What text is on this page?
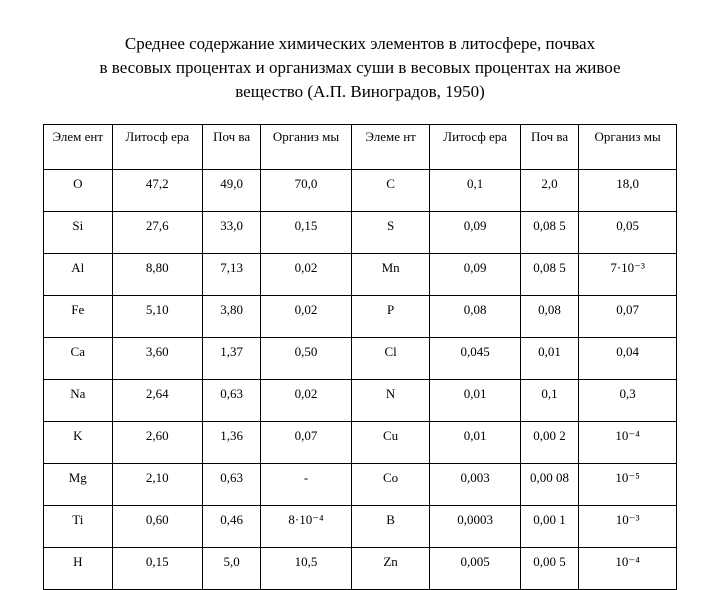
Среднее содержание химических элементов в литосфере, почвах
в весовых процентах и организмах суши в весовых процентах на живое
вещество (А.П. Виноградов, 1950)
Элем ент	Литосф ера	Поч ва	Организ мы	Элеме нт	Литосф ера	Поч ва	Организ мы
О	47,2	49,0	70,0	С	0,1	2,0	18,0
Si	27,6	33,0	0,15	S	0,09	0,08 5	0,05
Al	8,80	7,13	0,02	Mn	0,09	0,08 5	7·10⁻³
Fe	5,10	3,80	0,02	P	0,08	0,08	0,07
Ca	3,60	1,37	0,50	Cl	0,045	0,01	0,04
Na	2,64	0,63	0,02	N	0,01	0,1	0,3
K	2,60	1,36	0,07	Cu	0,01	0,00 2	10⁻⁴
Mg	2,10	0,63	-	Co	0,003	0,00 08	10⁻⁵
Ti	0,60	0,46	8·10⁻⁴	B	0,0003	0,00 1	10⁻³
H	0,15	5,0	10,5	Zn	0,005	0,00 5	10⁻⁴
